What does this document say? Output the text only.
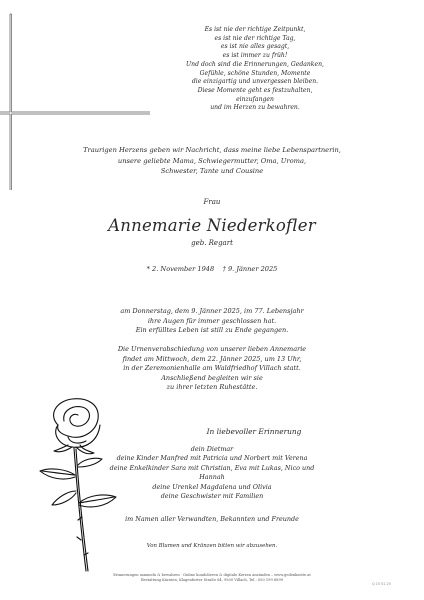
Es ist nie der richtige Zeitpunkt,
es ist nie der richtige Tag,
es ist nie alles gesagt,
es ist immer zu früh!
Und doch sind die Erinnerungen, Gedanken,
Gefühle, schöne Stunden, Momente
die einzigartig und unvergessen bleiben.
Diese Momente geht es festzuhalten, einzufangen
und im Herzen zu bewahren.
Traurigen Herzens geben wir Nachricht, dass meine liebe Lebenspartnerin,
unsere geliebte Mama, Schwiegermutter, Oma, Uroma,
Schwester, Tante und Cousine
Frau
Annemarie Niederkofler
geb. Regart
* 2. November 1948    † 9. Jänner 2025
am Donnerstag, dem 9. Jänner 2025, im 77. Lebensjahr
ihre Augen für immer geschlossen hat.
Ein erfülltes Leben ist still zu Ende gegangen.
Die Urnenverabschiedung von unserer lieben Annemarie
findet am Mittwoch, dem 22. Jänner 2025, um 13 Uhr,
in der Zeremonienhalle am Waldfriedhof Villach statt.
Anschließend begleiten wir sie
zu ihrer letzten Ruhestätte.
In liebevoller Erinnerung
dein Dietmar
deine Kinder Manfred mit Patricia und Norbert mit Verena
deine Enkelkinder Sara mit Christian, Eva mit Lukas, Nico und Hannah
deine Urenkel Magdalena und Olivia
deine Geschwister mit Familien
im Namen aller Verwandten, Bekannten und Freunde
Von Blumen und Kränzen bitten wir abzusehen.
Erinnerungen sammeln & bewahren · Online kondolieren & digitale Kerzen anzünden – www.gedenkseite.at
Bestattung Kärnten, Klagenfurter Straße 64, 9500 Villach, Tel.: 050 199 6899
Q 15 01 25
